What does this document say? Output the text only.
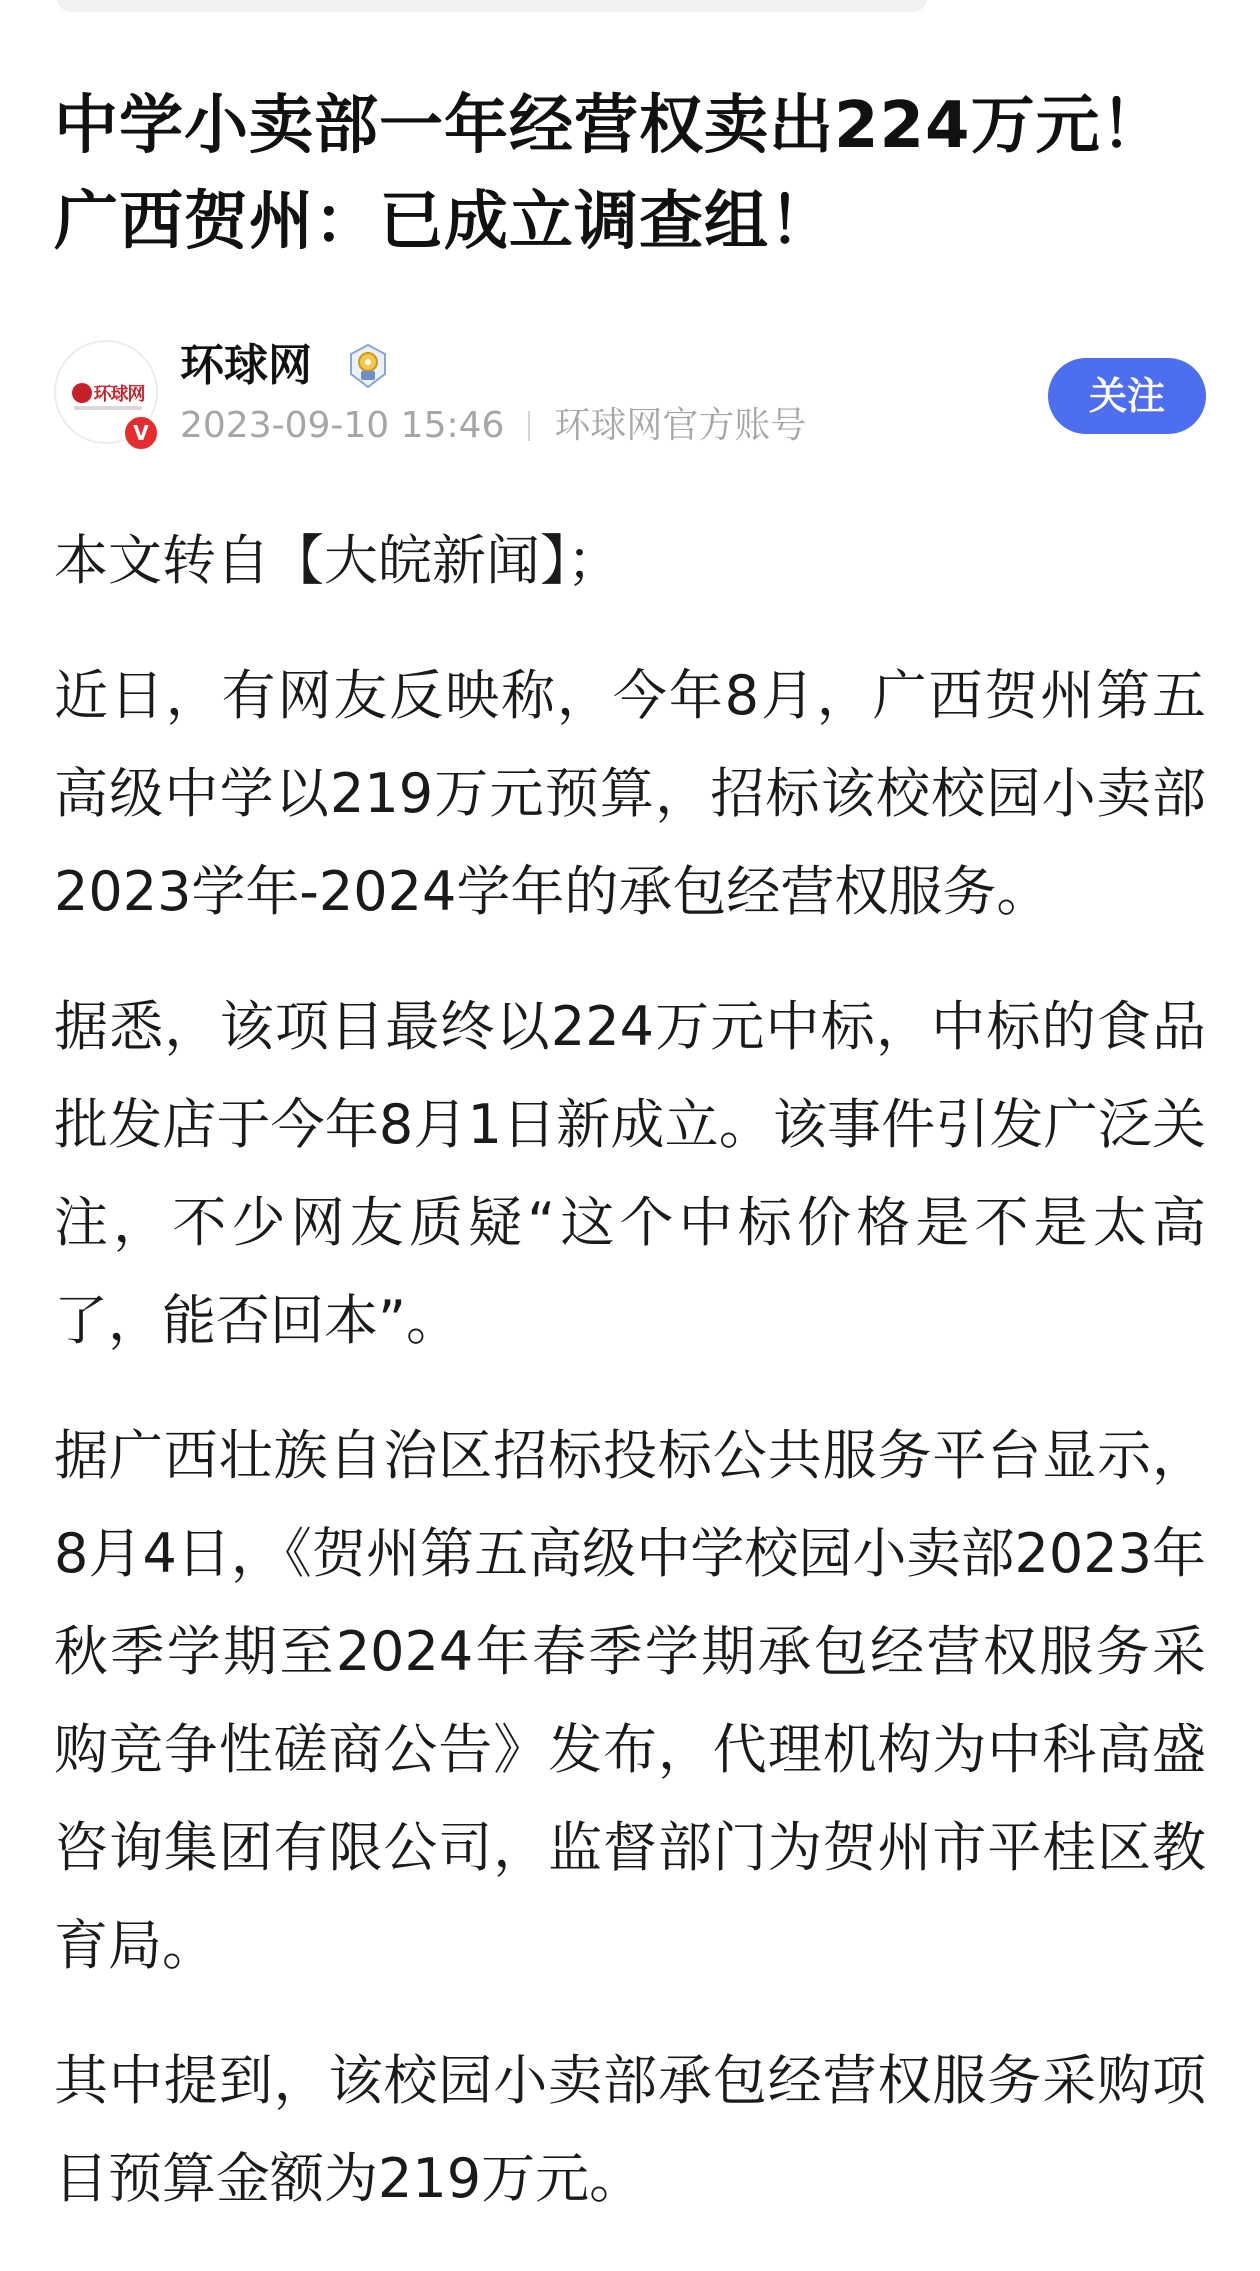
中学小卖部一年经营权卖出224万元！广西贺州：已成立调查组！
环球网
V
环球网
2023-09-10 15:46 环球网官方账号
关注

本文转自【大皖新闻】；

近日，有网友反映称，今年8月，广西贺州第五高级中学以219万元预算，招标该校校园小卖部2023学年-2024学年的承包经营权服务。

据悉，该项目最终以224万元中标，中标的食品批发店于今年8月1日新成立。该事件引发广泛关注，不少网友质疑“这个中标价格是不是太高了，能否回本”。

据广西壮族自治区招标投标公共服务平台显示，8月4日，《贺州第五高级中学校园小卖部2023年秋季学期至2024年春季学期承包经营权服务采购竞争性磋商公告》发布，代理机构为中科高盛咨询集团有限公司，监督部门为贺州市平桂区教育局。

其中提到，该校园小卖部承包经营权服务采购项目预算金额为219万元。
